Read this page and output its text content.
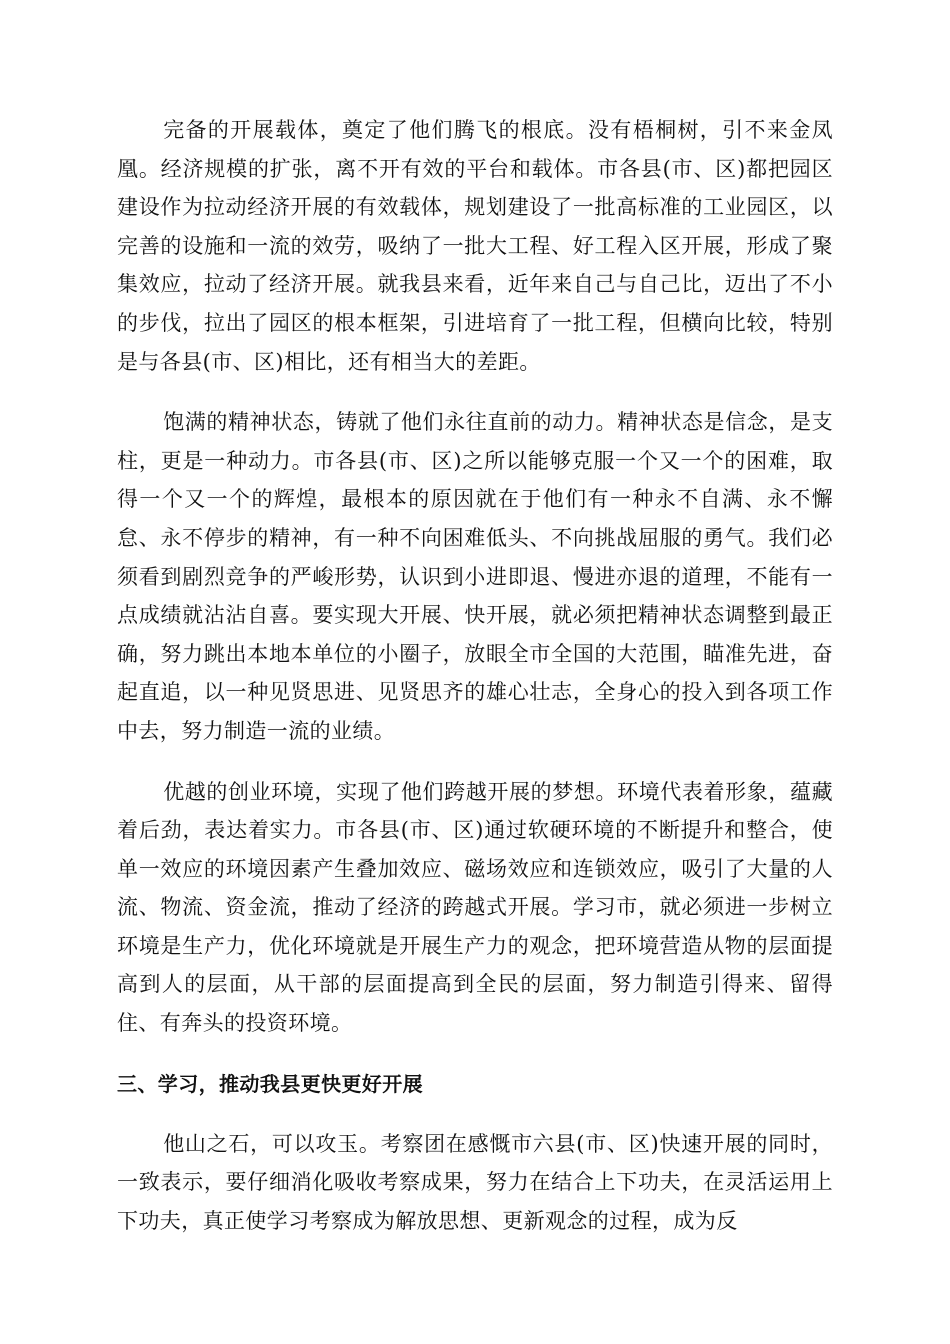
完备的开展载体，奠定了他们腾飞的根底。没有梧桐树，引不来金凤凰。经济规模的扩张，离不开有效的平台和载体。市各县(市、区)都把园区建设作为拉动经济开展的有效载体，规划建设了一批高标准的工业园区，以完善的设施和一流的效劳，吸纳了一批大工程、好工程入区开展，形成了聚集效应，拉动了经济开展。就我县来看，近年来自己与自己比，迈出了不小的步伐，拉出了园区的根本框架，引进培育了一批工程，但横向比较，特别是与各县(市、区)相比，还有相当大的差距。

饱满的精神状态，铸就了他们永往直前的动力。精神状态是信念，是支柱，更是一种动力。市各县(市、区)之所以能够克服一个又一个的困难，取得一个又一个的辉煌，最根本的原因就在于他们有一种永不自满、永不懈怠、永不停步的精神，有一种不向困难低头、不向挑战屈服的勇气。我们必须看到剧烈竞争的严峻形势，认识到小进即退、慢进亦退的道理，不能有一点成绩就沾沾自喜。要实现大开展、快开展，就必须把精神状态调整到最正确，努力跳出本地本单位的小圈子，放眼全市全国的大范围，瞄准先进，奋起直追，以一种见贤思进、见贤思齐的雄心壮志，全身心的投入到各项工作中去，努力制造一流的业绩。

优越的创业环境，实现了他们跨越开展的梦想。环境代表着形象，蕴藏着后劲，表达着实力。市各县(市、区)通过软硬环境的不断提升和整合，使单一效应的环境因素产生叠加效应、磁场效应和连锁效应，吸引了大量的人流、物流、资金流，推动了经济的跨越式开展。学习市，就必须进一步树立环境是生产力，优化环境就是开展生产力的观念，把环境营造从物的层面提高到人的层面，从干部的层面提高到全民的层面，努力制造引得来、留得住、有奔头的投资环境。

三、学习，推动我县更快更好开展

他山之石，可以攻玉。考察团在感慨市六县(市、区)快速开展的同时，一致表示，要仔细消化吸收考察成果，努力在结合上下功夫，在灵活运用上下功夫，真正使学习考察成为解放思想、更新观念的过程，成为反
